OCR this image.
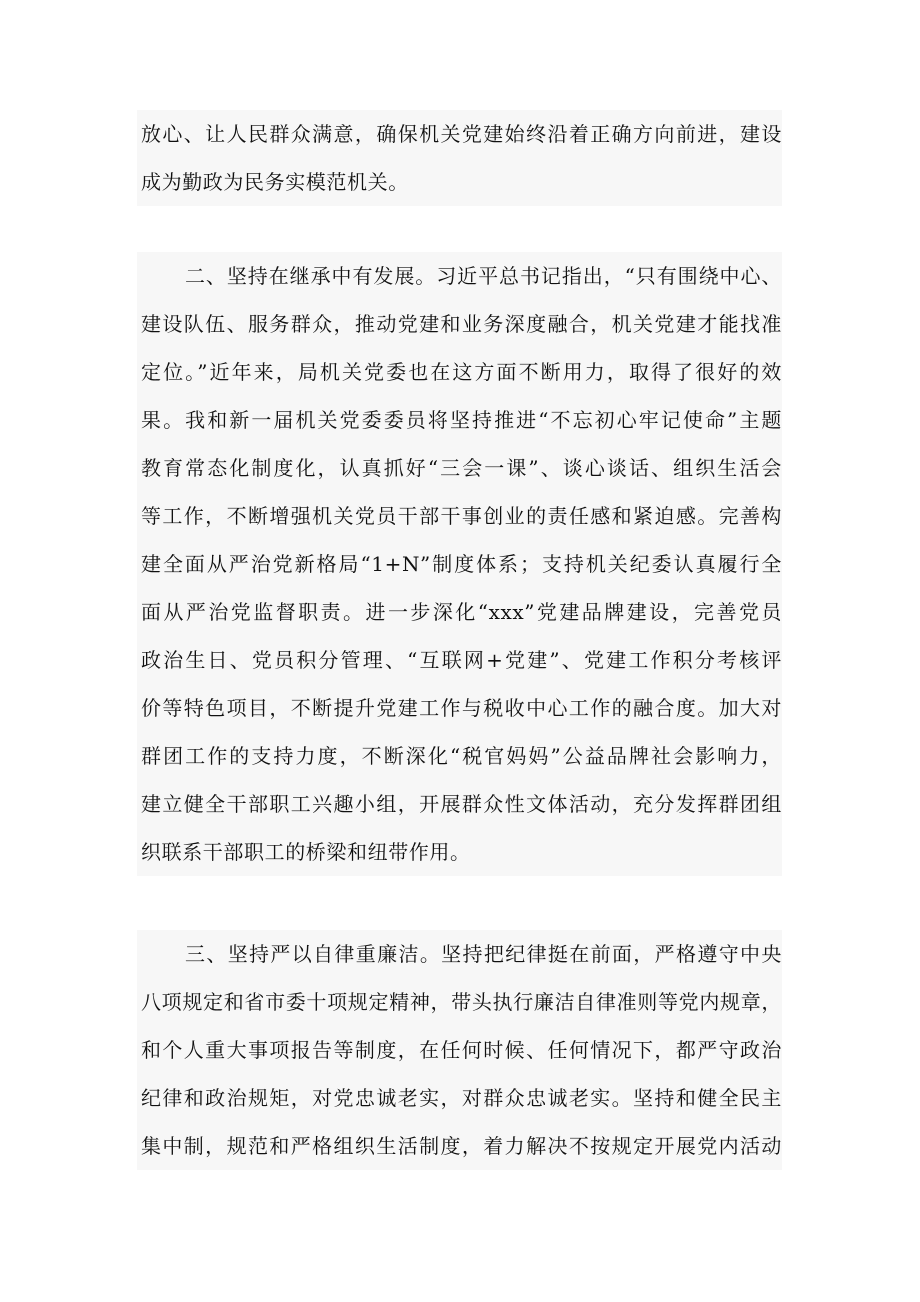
放心、让人民群众满意，确保机关党建始终沿着正确方向前进，建设
成为勤政为民务实模范机关。
二、坚持在继承中有发展。习近平总书记指出，“只有围绕中心、
建设队伍、服务群众，推动党建和业务深度融合，机关党建才能找准
定位。”近年来，局机关党委也在这方面不断用力，取得了很好的效
果。我和新一届机关党委委员将坚持推进“不忘初心牢记使命”主题
教育常态化制度化，认真抓好“三会一课”、谈心谈话、组织生活会
等工作，不断增强机关党员干部干事创业的责任感和紧迫感。完善构
建全面从严治党新格局“1+N”制度体系；支持机关纪委认真履行全
面从严治党监督职责。进一步深化“xxx”党建品牌建设，完善党员
政治生日、党员积分管理、“互联网+党建”、党建工作积分考核评
价等特色项目，不断提升党建工作与税收中心工作的融合度。加大对
群团工作的支持力度，不断深化“税官妈妈”公益品牌社会影响力，
建立健全干部职工兴趣小组，开展群众性文体活动，充分发挥群团组
织联系干部职工的桥梁和纽带作用。
三、坚持严以自律重廉洁。坚持把纪律挺在前面，严格遵守中央
八项规定和省市委十项规定精神，带头执行廉洁自律准则等党内规章，
和个人重大事项报告等制度，在任何时候、任何情况下，都严守政治
纪律和政治规矩，对党忠诚老实，对群众忠诚老实。坚持和健全民主
集中制，规范和严格组织生活制度，着力解决不按规定开展党内活动
